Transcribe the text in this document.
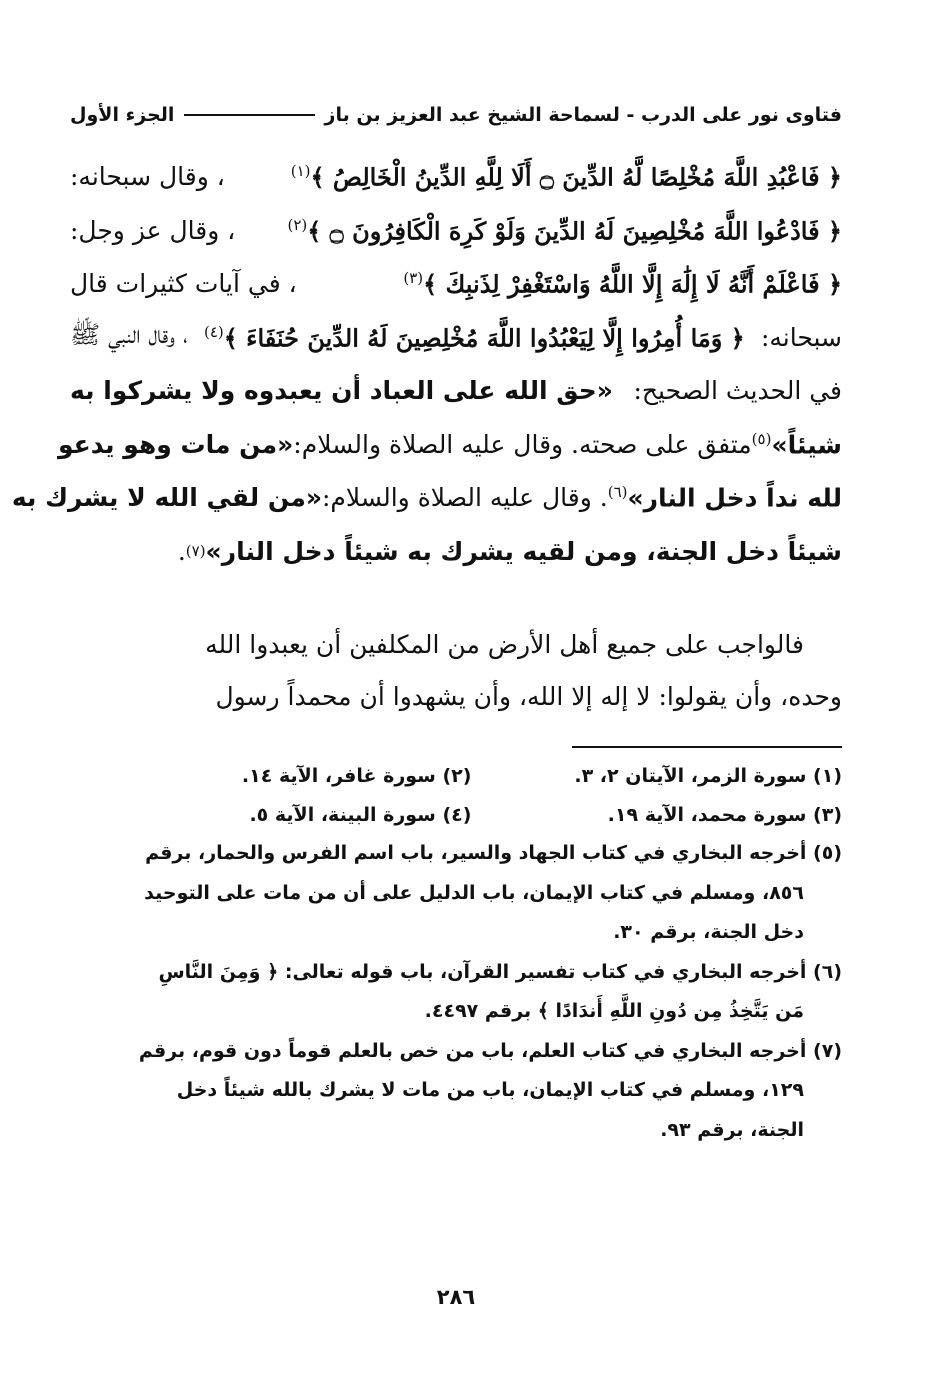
فتاوى نور على الدرب - لسماحة الشيخ عبد العزيز بن باز
الجزء الأول
﴿ فَاعْبُدِ اللَّهَ مُخْلِصًا لَّهُ الدِّينَ ۝ أَلَا لِلَّهِ الدِّينُ الْخَالِصُ ﴾$^{(١)}$
، وقال سبحانه:
﴿ فَادْعُوا اللَّهَ مُخْلِصِينَ لَهُ الدِّينَ وَلَوْ كَرِهَ الْكَافِرُونَ ۝ ﴾$^{(٢)}$
، وقال عز وجل:
﴿ فَاعْلَمْ أَنَّهُ لَا إِلَٰهَ إِلَّا اللَّهُ وَاسْتَغْفِرْ لِذَنبِكَ ﴾$^{(٣)}$
، في آيات كثيرات قال
سبحانه:
﴿ وَمَا أُمِرُوا إِلَّا لِيَعْبُدُوا اللَّهَ مُخْلِصِينَ لَهُ الدِّينَ حُنَفَاءَ ﴾$^{(٤)}$
، وقال النبي ﷺ
في الحديث الصحيح:
«حق الله على العباد أن يعبدوه ولا يشركوا به
شيئاً»$^{(٥)}$
متفق على صحته. وقال عليه الصلاة والسلام:
«من مات وهو يدعو
لله نداً دخل النار»$^{(٦)}$
. وقال عليه الصلاة والسلام:
«من لقي الله لا يشرك به
شيئاً دخل الجنة، ومن لقيه يشرك به شيئاً دخل النار»
(٧)
.
فالواجب على جميع أهل الأرض من المكلفين أن يعبدوا الله
وحده، وأن يقولوا: لا إله إلا الله، وأن يشهدوا أن محمداً رسول
(١) سورة الزمر، الآيتان ٢، ٣.
(٢) سورة غافر، الآية ١٤.
(٣) سورة محمد، الآية ١٩.
(٤) سورة البينة، الآية ٥.
(٥) أخرجه البخاري في كتاب الجهاد والسير، باب اسم الفرس والحمار، برقم
٨٥٦، ومسلم في كتاب الإيمان، باب الدليل على أن من مات على التوحيد
دخل الجنة، برقم ٣٠.
(٦) أخرجه البخاري في كتاب تفسير القرآن، باب قوله تعالى: ﴿ وَمِنَ النَّاسِ
مَن يَتَّخِذُ مِن دُونِ اللَّهِ أَندَادًا ﴾ برقم ٤٤٩٧.
(٧) أخرجه البخاري في كتاب العلم، باب من خص بالعلم قوماً دون قوم، برقم
١٢٩، ومسلم في كتاب الإيمان، باب من مات لا يشرك بالله شيئاً دخل
الجنة، برقم ٩٣.
٢٨٦
